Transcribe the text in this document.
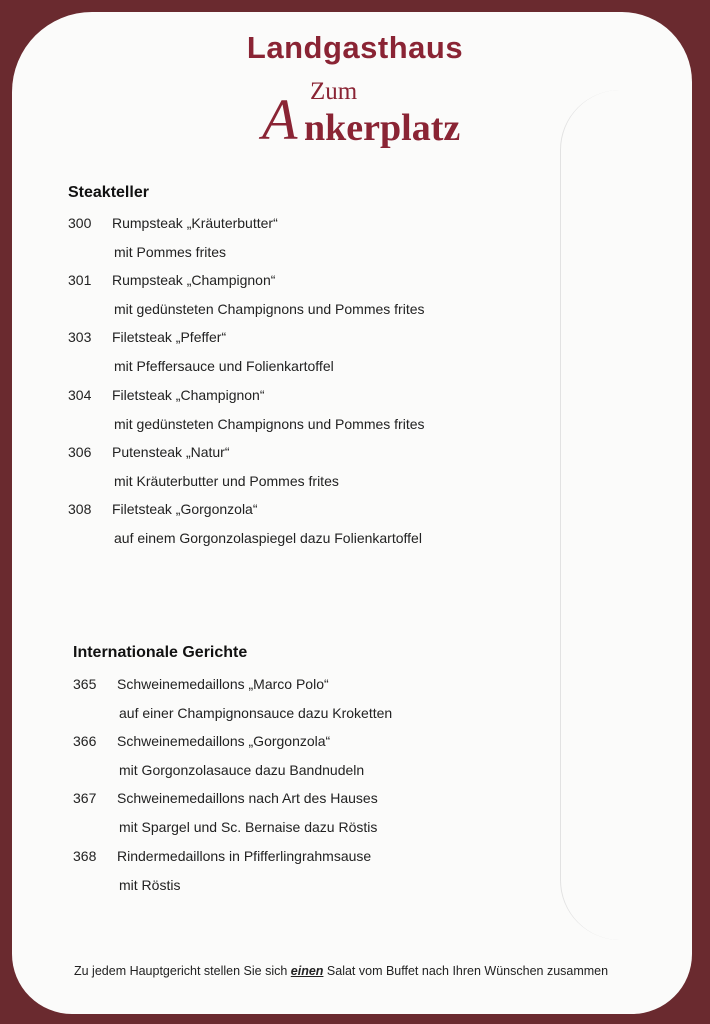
Landgasthaus
Zum
A nkerplatz
Steakteller
300 Rumpsteak „Kräuterbutter“
mit Pommes frites
301 Rumpsteak „Champignon“
mit gedünsteten Champignons und Pommes frites
303 Filetsteak „Pfeffer“
mit Pfeffersauce und Folienkartoffel
304 Filetsteak „Champignon“
mit gedünsteten Champignons und Pommes frites
306 Putensteak „Natur“
mit Kräuterbutter und Pommes frites
308 Filetsteak „Gorgonzola“
auf einem Gorgonzolaspiegel dazu Folienkartoffel
Internationale Gerichte
365 Schweinemedaillons „Marco Polo“
auf einer Champignonsauce dazu Kroketten
366 Schweinemedaillons „Gorgonzola“
mit Gorgonzolasauce dazu Bandnudeln
367 Schweinemedaillons nach Art des Hauses
mit Spargel und Sc. Bernaise dazu Röstis
368 Rindermedaillons in Pfifferlingrahmsause
mit Röstis
Zu jedem Hauptgericht stellen Sie sich einen Salat vom Buffet nach Ihren Wünschen zusammen
